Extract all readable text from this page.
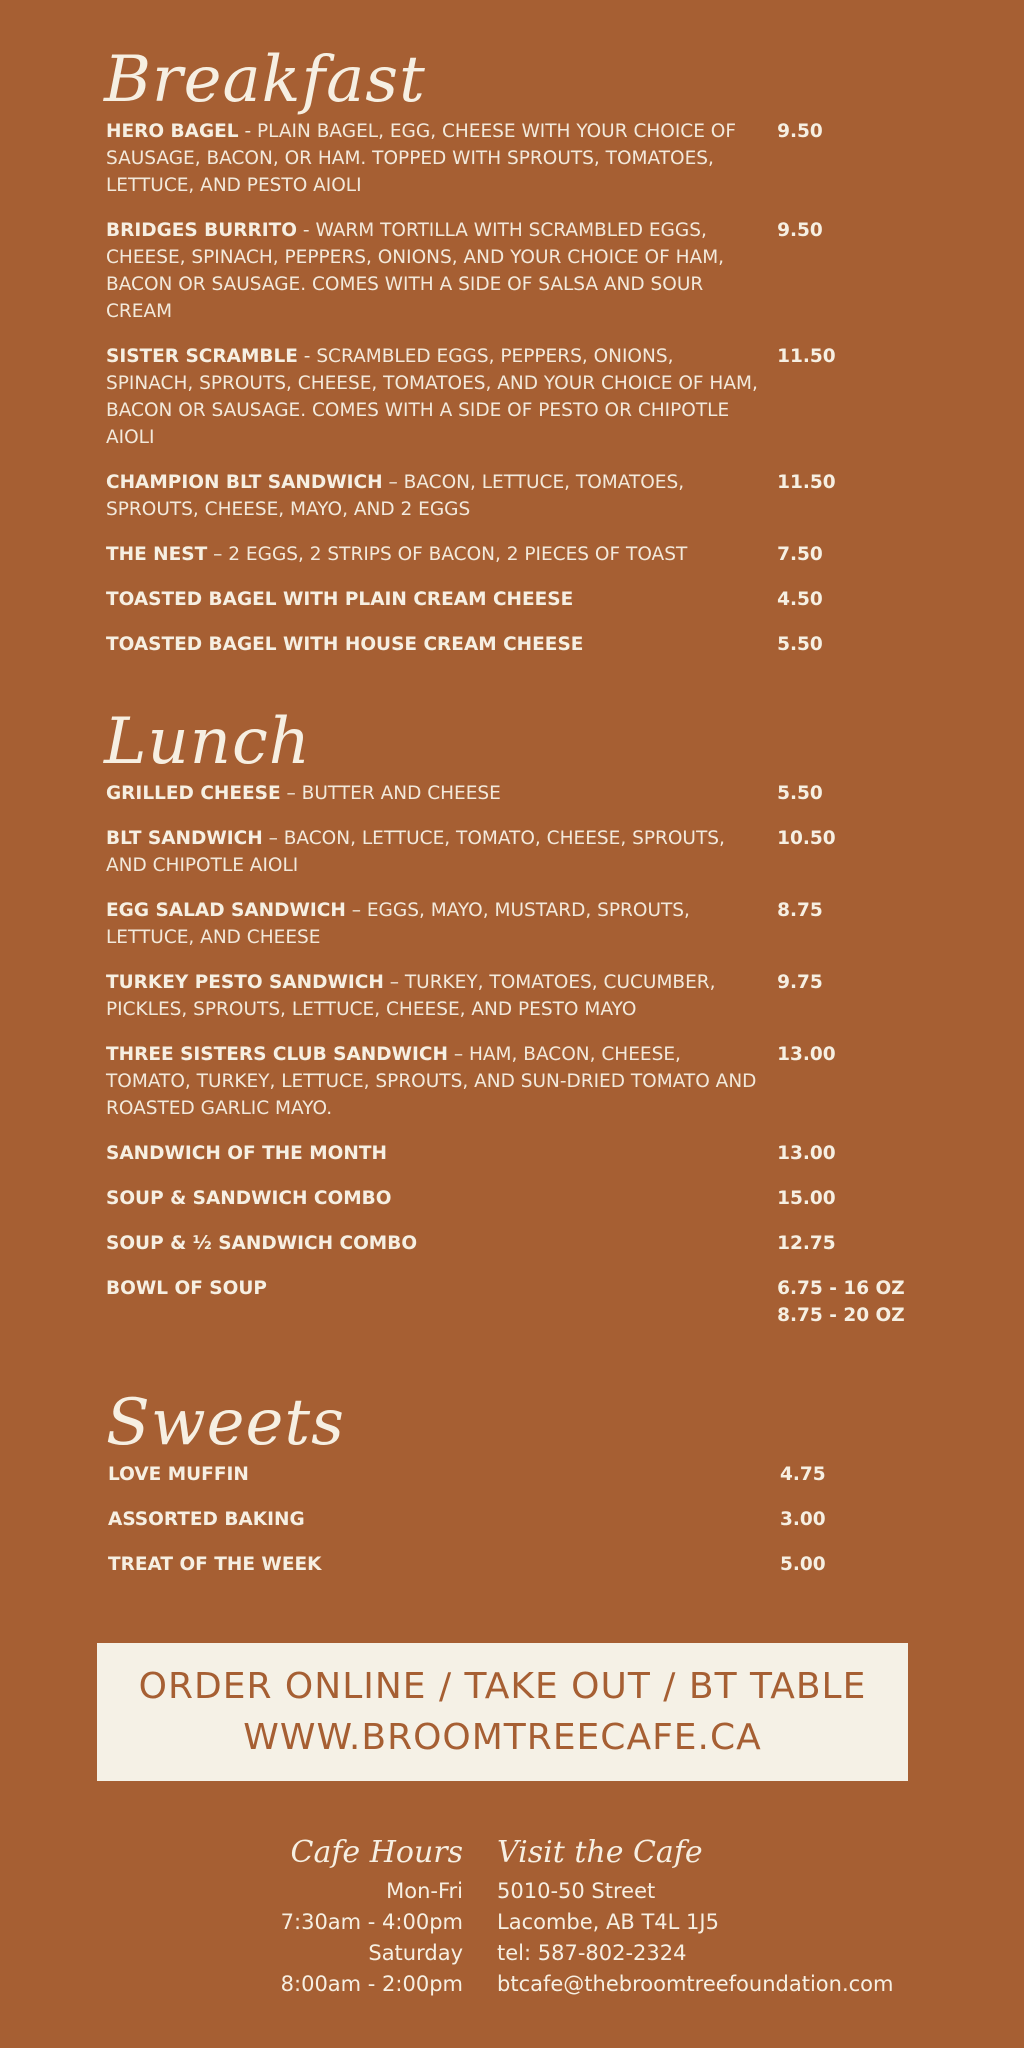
Breakfast
HERO BAGEL - PLAIN BAGEL, EGG, CHEESE WITH YOUR CHOICE OF SAUSAGE, BACON, OR HAM. TOPPED WITH SPROUTS, TOMATOES, LETTUCE, AND PESTO AIOLI
9.50
BRIDGES BURRITO - WARM TORTILLA WITH SCRAMBLED EGGS, CHEESE, SPINACH, PEPPERS, ONIONS, AND YOUR CHOICE OF HAM, BACON OR SAUSAGE. COMES WITH A SIDE OF SALSA AND SOUR CREAM
9.50
SISTER SCRAMBLE - SCRAMBLED EGGS, PEPPERS, ONIONS, SPINACH, SPROUTS, CHEESE, TOMATOES, AND YOUR CHOICE OF HAM, BACON OR SAUSAGE. COMES WITH A SIDE OF PESTO OR CHIPOTLE AIOLI
11.50
CHAMPION BLT SANDWICH – BACON, LETTUCE, TOMATOES, SPROUTS, CHEESE, MAYO, AND 2 EGGS
11.50
THE NEST – 2 EGGS, 2 STRIPS OF BACON, 2 PIECES OF TOAST	7.50
TOASTED BAGEL WITH PLAIN CREAM CHEESE	4.50
TOASTED BAGEL WITH HOUSE CREAM CHEESE	5.50
Lunch
GRILLED CHEESE – BUTTER AND CHEESE	5.50
BLT SANDWICH – BACON, LETTUCE, TOMATO, CHEESE, SPROUTS, AND CHIPOTLE AIOLI
10.50
EGG SALAD SANDWICH – EGGS, MAYO, MUSTARD, SPROUTS, LETTUCE, AND CHEESE
8.75
TURKEY PESTO SANDWICH – TURKEY, TOMATOES, CUCUMBER, PICKLES, SPROUTS, LETTUCE, CHEESE, AND PESTO MAYO
9.75
THREE SISTERS CLUB SANDWICH – HAM, BACON, CHEESE, TOMATO, TURKEY, LETTUCE, SPROUTS, AND SUN-DRIED TOMATO AND ROASTED GARLIC MAYO.
13.00
SANDWICH OF THE MONTH	13.00
SOUP & SANDWICH COMBO	15.00
SOUP & ½ SANDWICH COMBO	12.75
BOWL OF SOUP	6.75 - 16 OZ
8.75 - 20 OZ
Sweets
LOVE MUFFIN	4.75
ASSORTED BAKING	3.00
TREAT OF THE WEEK	5.00
ORDER ONLINE / TAKE OUT / BT TABLE
WWW.BROOMTREECAFE.CA
Cafe Hours
Mon-Fri
7:30am - 4:00pm
Saturday
8:00am - 2:00pm
Visit the Cafe
5010-50 Street
Lacombe, AB T4L 1J5
tel: 587-802-2324
btcafe@thebroomtreefoundation.com
